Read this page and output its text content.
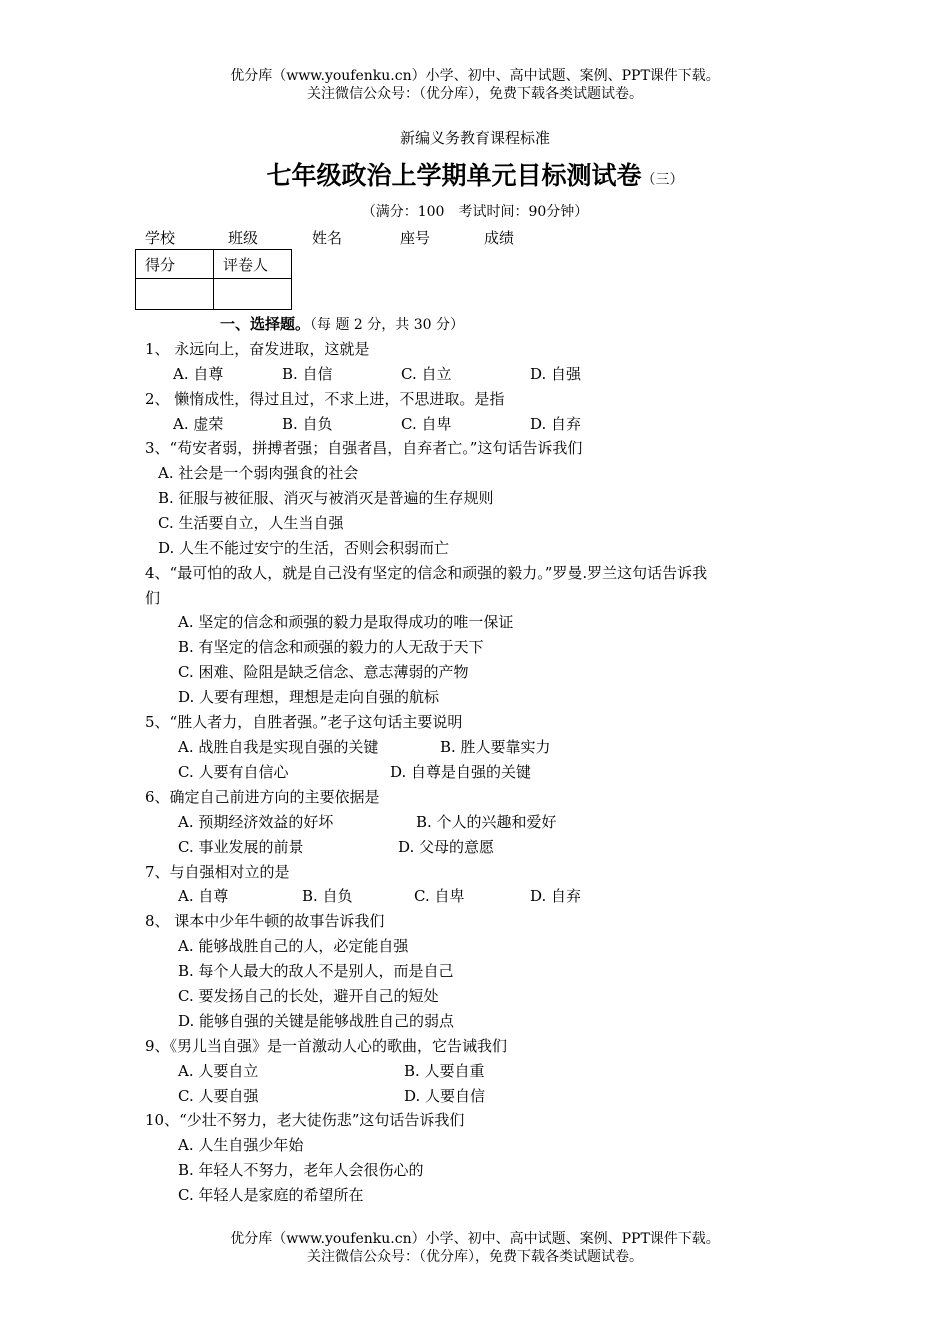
优分库（www.youfenku.cn）小学、初中、高中试题、案例、PPT课件下载。
关注微信公众号：（优分库），免费下载各类试题试卷。
新编义务教育课程标准
七年级政治上学期单元目标测试卷（三）
（满分：100　考试时间：90分钟）
学校	班级	姓名	座号	成绩
得分	评卷人

一、选择题。（每 题 2 分，共 30 分）
1、 永远向上，奋发进取，这就是
A. 自尊	B. 自信	C. 自立	D. 自强
2、 懒惰成性，得过且过，不求上进，不思进取。是指
A. 虚荣	B. 自负	C. 自卑	D. 自弃
3、“苟安者弱，拼搏者强；自强者昌，自弃者亡。”这句话告诉我们
A. 社会是一个弱肉强食的社会
B. 征服与被征服、消灭与被消灭是普遍的生存规则
C. 生活要自立，人生当自强
D. 人生不能过安宁的生活，否则会积弱而亡
4、“最可怕的敌人，就是自己没有坚定的信念和顽强的毅力。”罗曼.罗兰这句话告诉我
们
A. 坚定的信念和顽强的毅力是取得成功的唯一保证
B. 有坚定的信念和顽强的毅力的人无敌于天下
C. 困难、险阻是缺乏信念、意志薄弱的产物
D. 人要有理想，理想是走向自强的航标
5、“胜人者力，自胜者强。”老子这句话主要说明
A. 战胜自我是实现自强的关键	B. 胜人要靠实力
C. 人要有自信心	D. 自尊是自强的关键
6、确定自己前进方向的主要依据是
A. 预期经济效益的好坏	B. 个人的兴趣和爱好
C. 事业发展的前景	D. 父母的意愿
7、与自强相对立的是
A. 自尊	B. 自负	C. 自卑	D. 自弃
8、 课本中少年牛顿的故事告诉我们
A. 能够战胜自己的人，必定能自强
B. 每个人最大的敌人不是别人，而是自己
C. 要发扬自己的长处，避开自己的短处
D. 能够自强的关键是能够战胜自己的弱点
9、《男儿当自强》是一首激动人心的歌曲，它告诫我们
A. 人要自立	B. 人要自重
C. 人要自强	D. 人要自信
10、“少壮不努力，老大徒伤悲”这句话告诉我们
A. 人生自强少年始
B. 年轻人不努力，老年人会很伤心的
C. 年轻人是家庭的希望所在
优分库（www.youfenku.cn）小学、初中、高中试题、案例、PPT课件下载。
关注微信公众号：（优分库），免费下载各类试题试卷。
